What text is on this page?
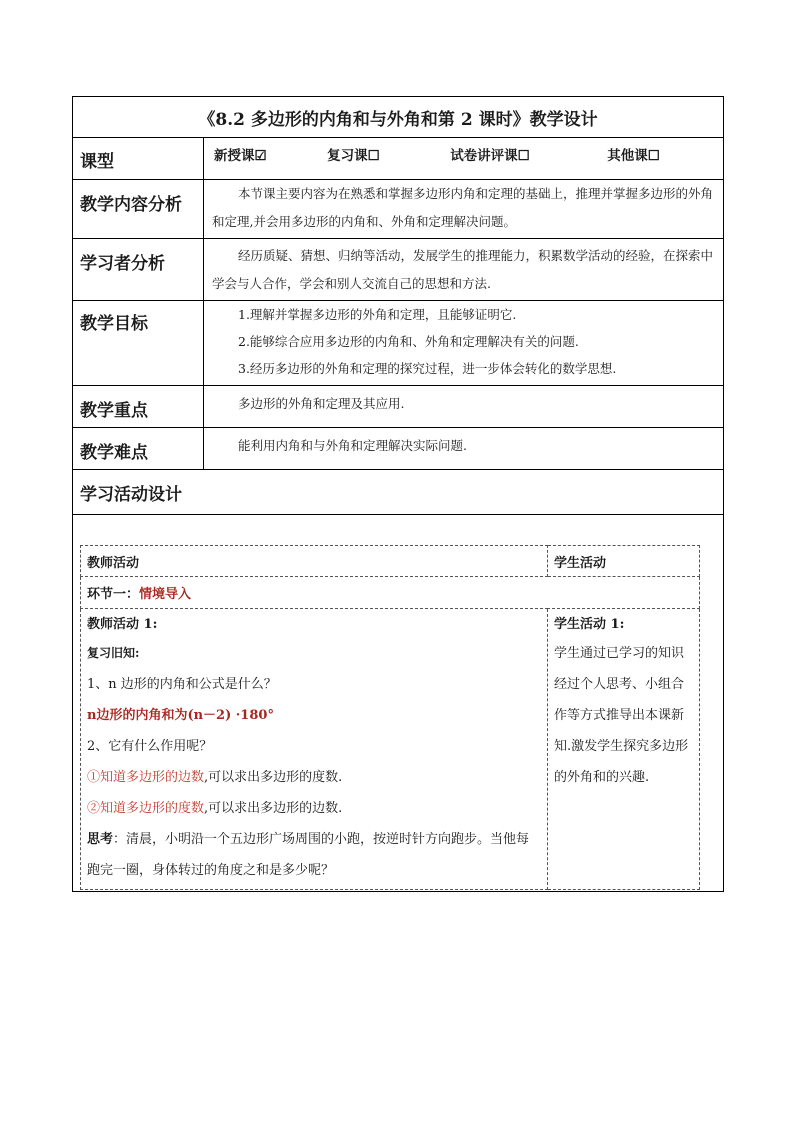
《8.2 多边形的内角和与外角和第 2 课时》教学设计
课型	新授课☑	复习课☐	试卷讲评课☐	其他课☐
教学内容分析	本节课主要内容为在熟悉和掌握多边形内角和定理的基础上，推理并掌握多边形的外角和定理,并会用多边形的内角和、外角和定理解决问题。
学习者分析	经历质疑、猜想、归纳等活动，发展学生的推理能力，积累数学活动的经验，在探索中学会与人合作，学会和别人交流自己的思想和方法.
教学目标	1.理解并掌握多边形的外角和定理，且能够证明它.
2.能够综合应用多边形的内角和、外角和定理解决有关的问题.
3.经历多边形的外角和定理的探究过程，进一步体会转化的数学思想.

教学重点	多边形的外角和定理及其应用.
教学难点	能利用内角和与外角和定理解决实际问题.
学习活动设计

教师活动	学生活动
环节一：情境导入

教师活动 1:
复习旧知:
1、n 边形的内角和公式是什么？
n边形的内角和为(n－2) ·180°
2、它有什么作用呢？
①知道多边形的边数,可以求出多边形的度数.
②知道多边形的度数,可以求出多边形的边数.
思考：清晨，小明沿一个五边形广场周围的小跑，按逆时针方向跑步。当他每跑完一圈，身体转过的角度之和是多少呢？

学生活动 1:
学生通过已学习的知识经过个人思考、小组合作等方式推导出本课新知.激发学生探究多边形的外角和的兴趣.
